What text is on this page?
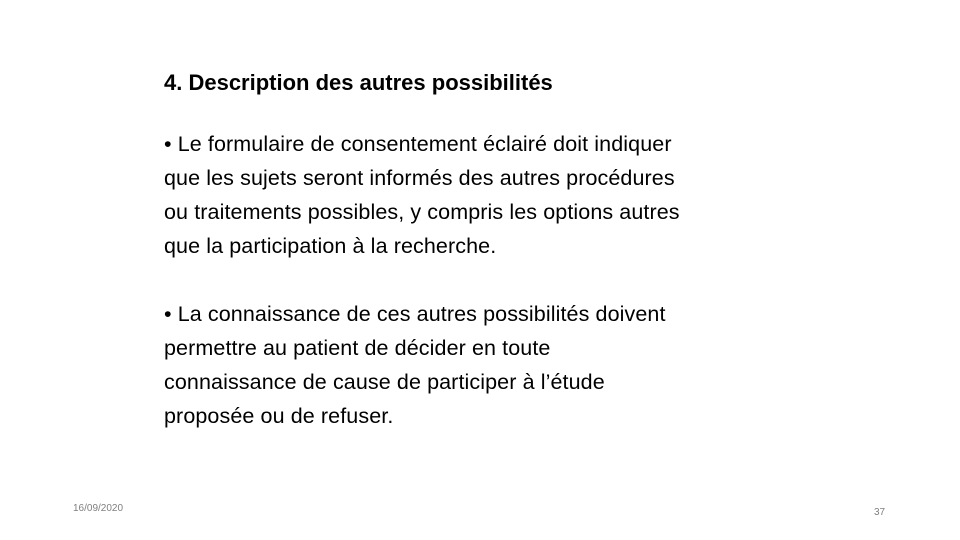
4. Description des autres possibilités
• Le formulaire de consentement éclairé doit indiquer
que les sujets seront informés des autres procédures
ou traitements possibles, y compris les options autres
que la participation à la recherche.
• La connaissance de ces autres possibilités doivent
permettre au patient de décider en toute
connaissance de cause de participer à l’étude
proposée ou de refuser.
16/09/2020	37
